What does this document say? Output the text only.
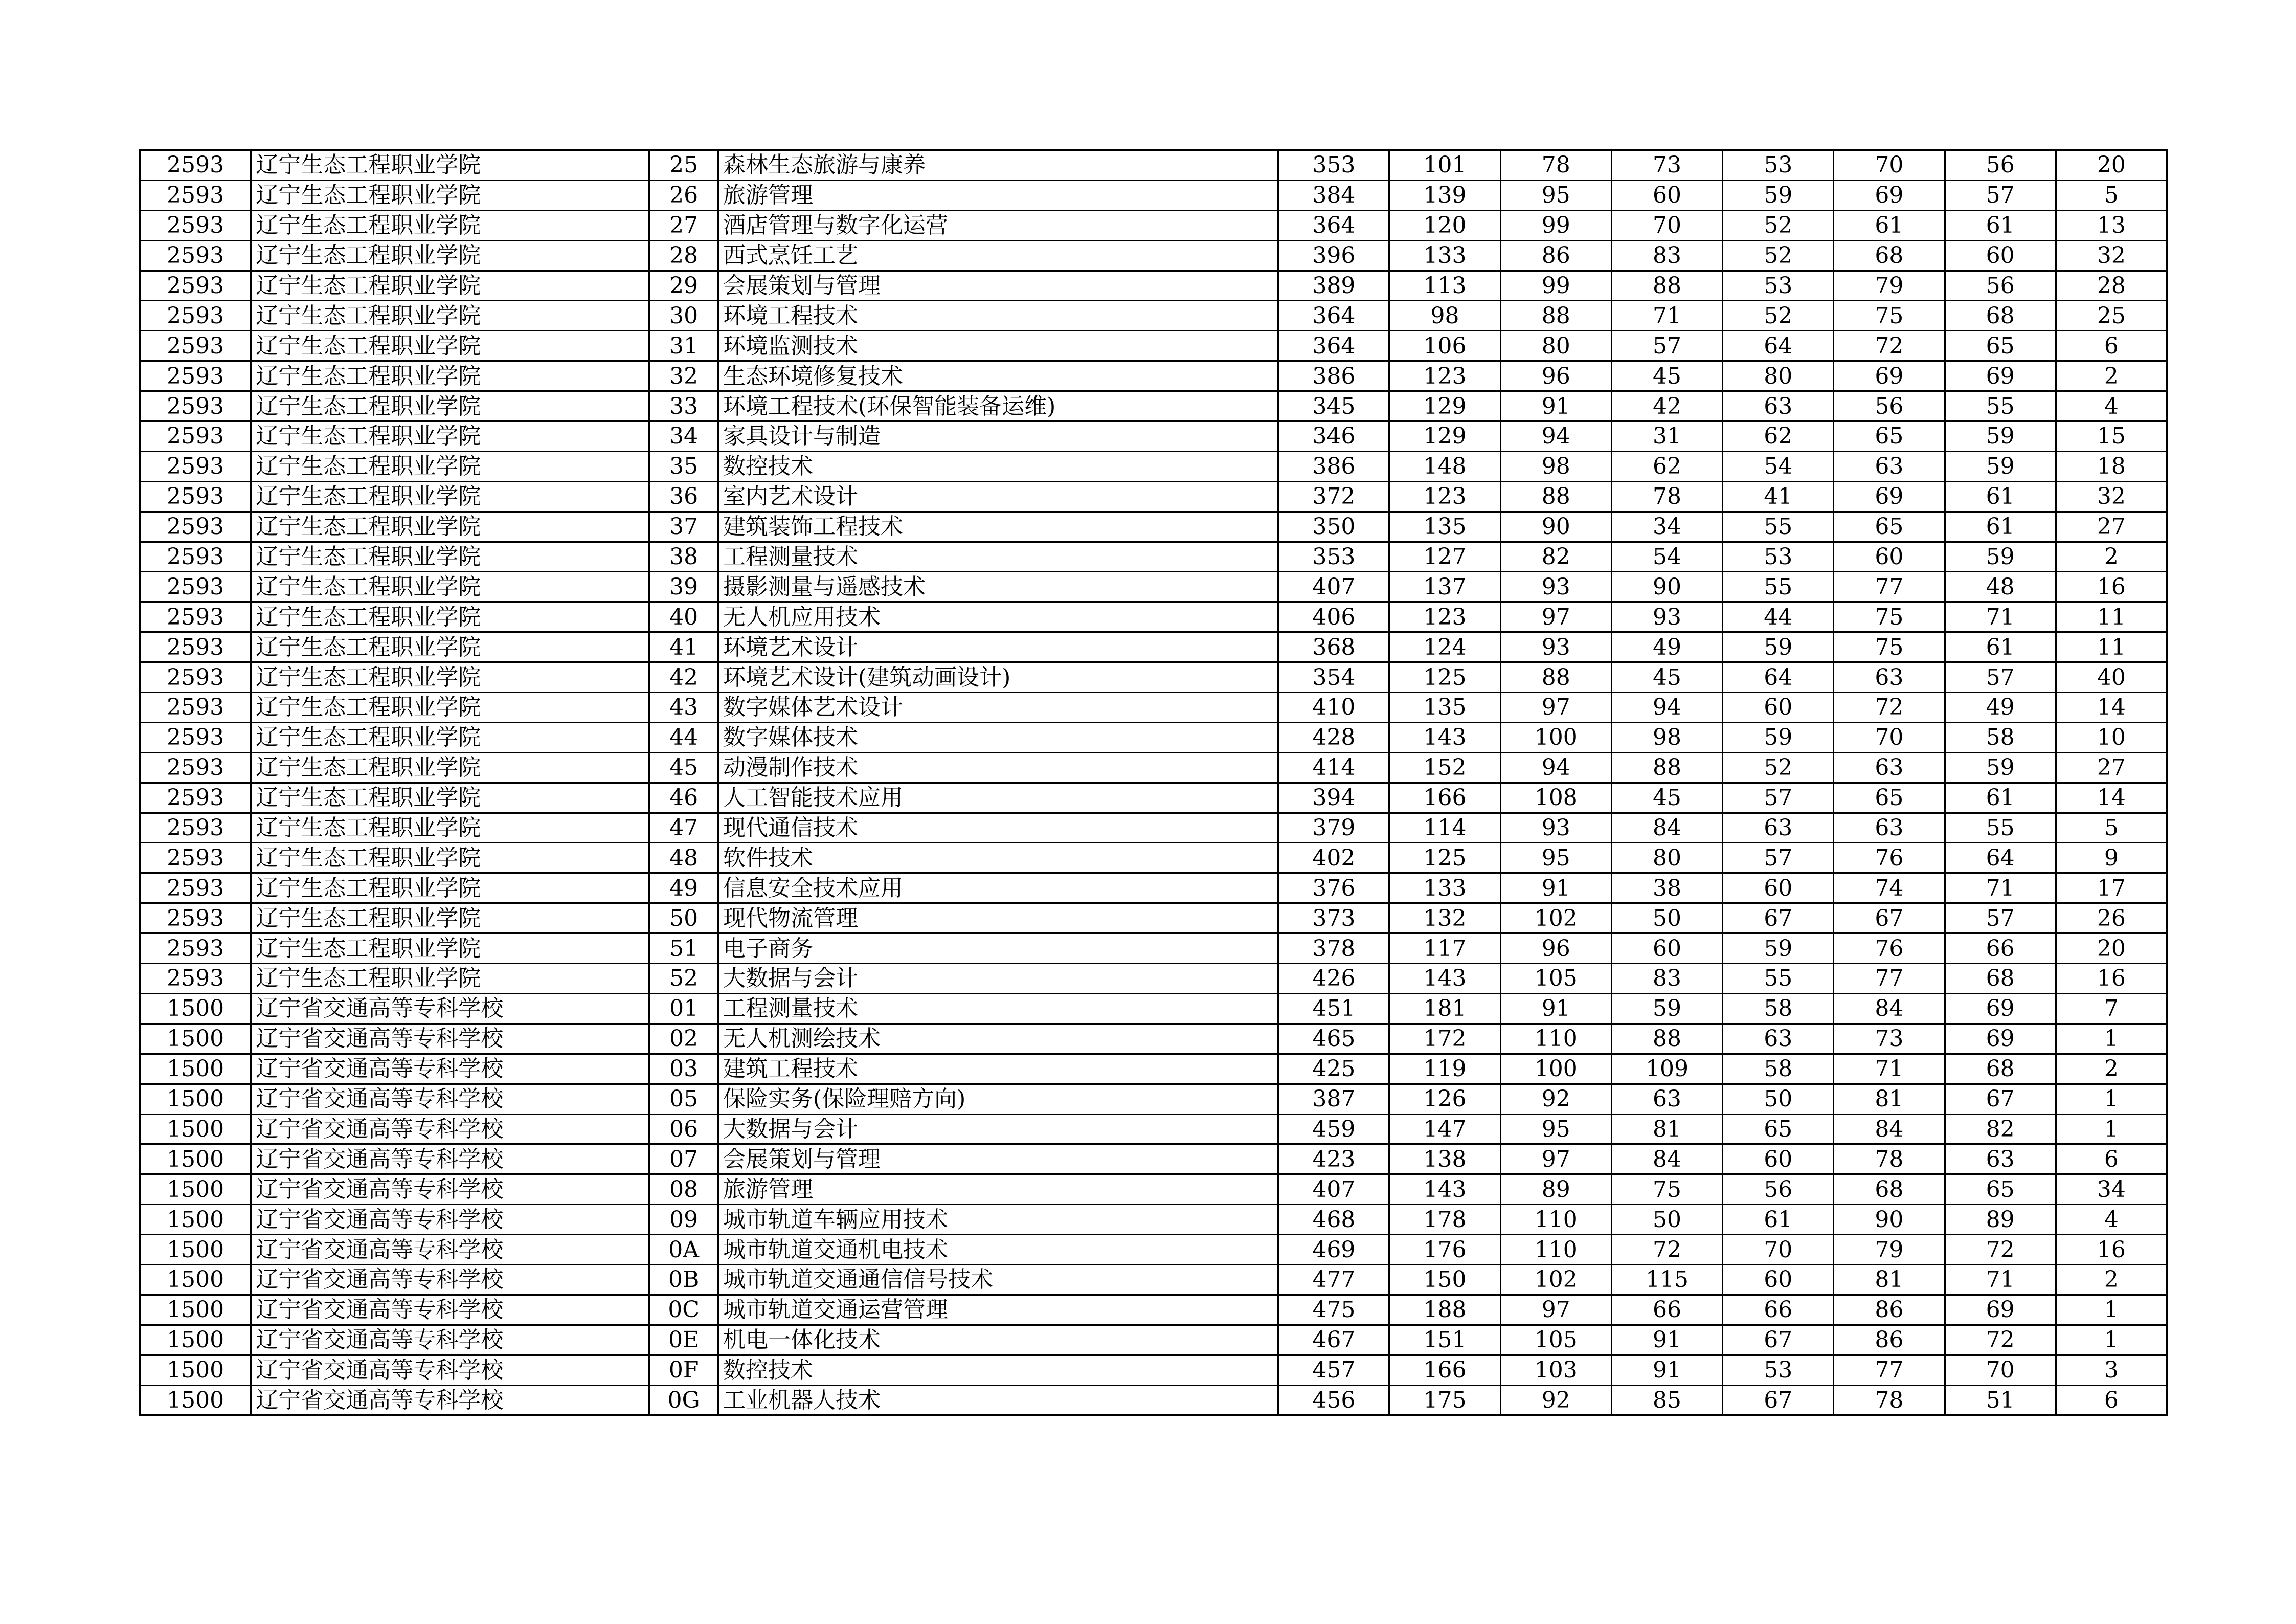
2593	辽宁生态工程职业学院	25	森林生态旅游与康养	353	101	78	73	53	70	56	20
2593	辽宁生态工程职业学院	26	旅游管理	384	139	95	60	59	69	57	5
2593	辽宁生态工程职业学院	27	酒店管理与数字化运营	364	120	99	70	52	61	61	13
2593	辽宁生态工程职业学院	28	西式烹饪工艺	396	133	86	83	52	68	60	32
2593	辽宁生态工程职业学院	29	会展策划与管理	389	113	99	88	53	79	56	28
2593	辽宁生态工程职业学院	30	环境工程技术	364	98	88	71	52	75	68	25
2593	辽宁生态工程职业学院	31	环境监测技术	364	106	80	57	64	72	65	6
2593	辽宁生态工程职业学院	32	生态环境修复技术	386	123	96	45	80	69	69	2
2593	辽宁生态工程职业学院	33	环境工程技术(环保智能装备运维)	345	129	91	42	63	56	55	4
2593	辽宁生态工程职业学院	34	家具设计与制造	346	129	94	31	62	65	59	15
2593	辽宁生态工程职业学院	35	数控技术	386	148	98	62	54	63	59	18
2593	辽宁生态工程职业学院	36	室内艺术设计	372	123	88	78	41	69	61	32
2593	辽宁生态工程职业学院	37	建筑装饰工程技术	350	135	90	34	55	65	61	27
2593	辽宁生态工程职业学院	38	工程测量技术	353	127	82	54	53	60	59	2
2593	辽宁生态工程职业学院	39	摄影测量与遥感技术	407	137	93	90	55	77	48	16
2593	辽宁生态工程职业学院	40	无人机应用技术	406	123	97	93	44	75	71	11
2593	辽宁生态工程职业学院	41	环境艺术设计	368	124	93	49	59	75	61	11
2593	辽宁生态工程职业学院	42	环境艺术设计(建筑动画设计)	354	125	88	45	64	63	57	40
2593	辽宁生态工程职业学院	43	数字媒体艺术设计	410	135	97	94	60	72	49	14
2593	辽宁生态工程职业学院	44	数字媒体技术	428	143	100	98	59	70	58	10
2593	辽宁生态工程职业学院	45	动漫制作技术	414	152	94	88	52	63	59	27
2593	辽宁生态工程职业学院	46	人工智能技术应用	394	166	108	45	57	65	61	14
2593	辽宁生态工程职业学院	47	现代通信技术	379	114	93	84	63	63	55	5
2593	辽宁生态工程职业学院	48	软件技术	402	125	95	80	57	76	64	9
2593	辽宁生态工程职业学院	49	信息安全技术应用	376	133	91	38	60	74	71	17
2593	辽宁生态工程职业学院	50	现代物流管理	373	132	102	50	67	67	57	26
2593	辽宁生态工程职业学院	51	电子商务	378	117	96	60	59	76	66	20
2593	辽宁生态工程职业学院	52	大数据与会计	426	143	105	83	55	77	68	16
1500	辽宁省交通高等专科学校	01	工程测量技术	451	181	91	59	58	84	69	7
1500	辽宁省交通高等专科学校	02	无人机测绘技术	465	172	110	88	63	73	69	1
1500	辽宁省交通高等专科学校	03	建筑工程技术	425	119	100	109	58	71	68	2
1500	辽宁省交通高等专科学校	05	保险实务(保险理赔方向)	387	126	92	63	50	81	67	1
1500	辽宁省交通高等专科学校	06	大数据与会计	459	147	95	81	65	84	82	1
1500	辽宁省交通高等专科学校	07	会展策划与管理	423	138	97	84	60	78	63	6
1500	辽宁省交通高等专科学校	08	旅游管理	407	143	89	75	56	68	65	34
1500	辽宁省交通高等专科学校	09	城市轨道车辆应用技术	468	178	110	50	61	90	89	4
1500	辽宁省交通高等专科学校	0A	城市轨道交通机电技术	469	176	110	72	70	79	72	16
1500	辽宁省交通高等专科学校	0B	城市轨道交通通信信号技术	477	150	102	115	60	81	71	2
1500	辽宁省交通高等专科学校	0C	城市轨道交通运营管理	475	188	97	66	66	86	69	1
1500	辽宁省交通高等专科学校	0E	机电一体化技术	467	151	105	91	67	86	72	1
1500	辽宁省交通高等专科学校	0F	数控技术	457	166	103	91	53	77	70	3
1500	辽宁省交通高等专科学校	0G	工业机器人技术	456	175	92	85	67	78	51	6
